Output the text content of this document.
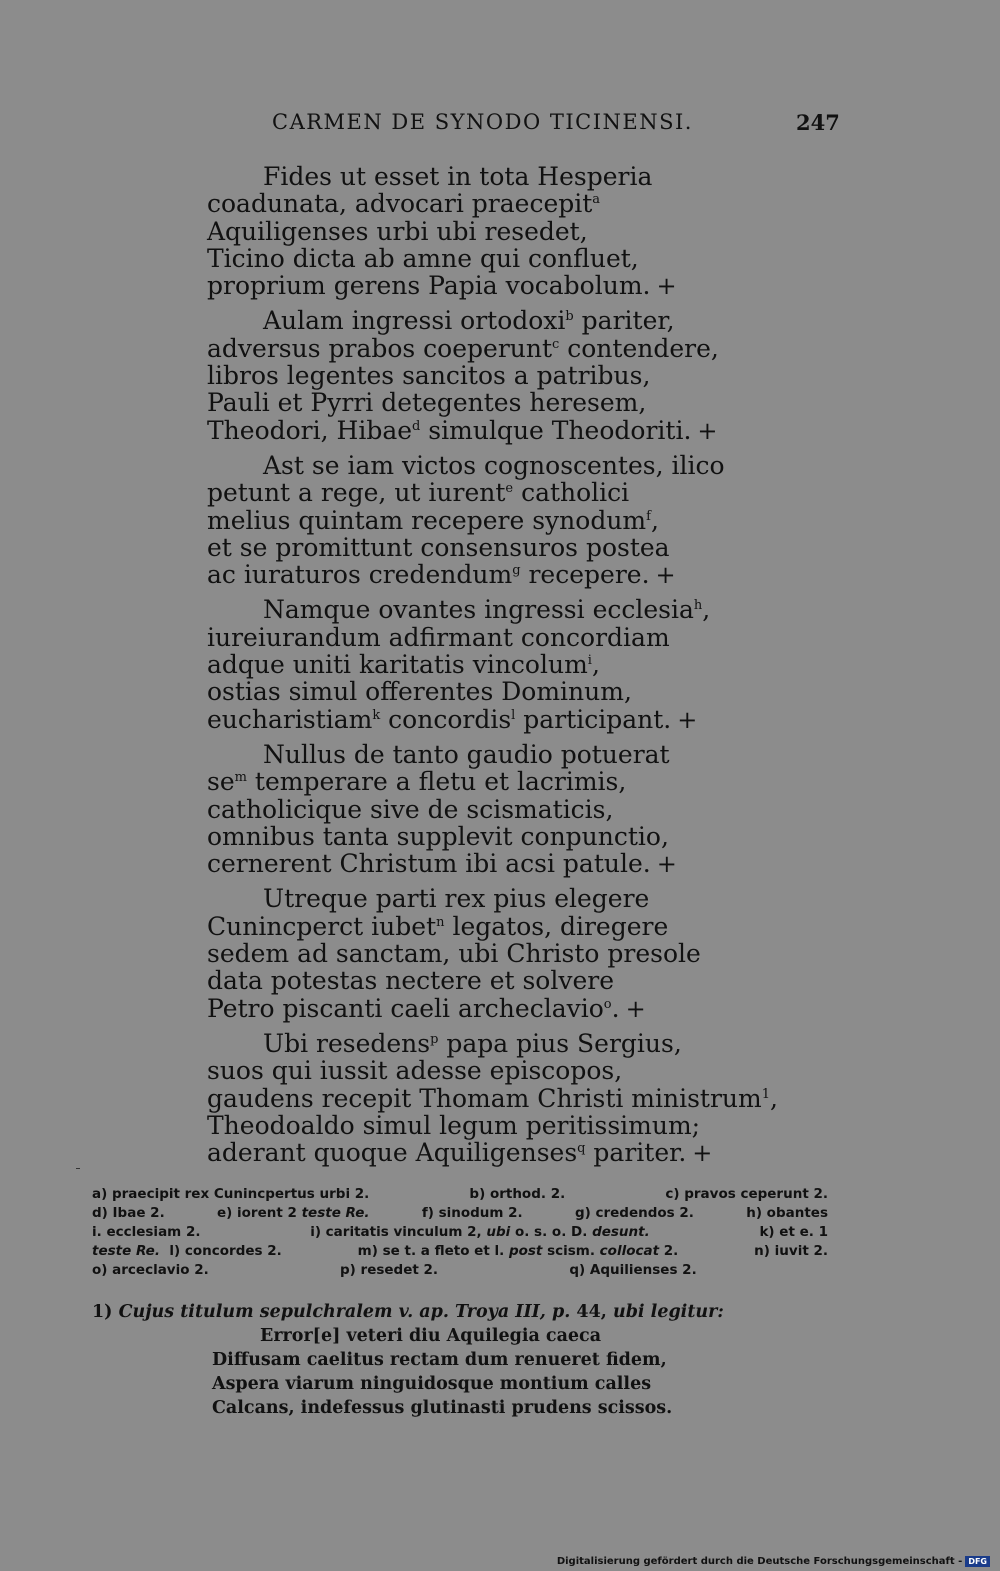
CARMEN DE SYNODO TICINENSI.	247
Fides ut esset in tota Hesperia
coadunata, advocari praecepit$^a$
Aquiligenses urbi ubi resedet,
Ticino dicta ab amne qui confluet,
proprium gerens Papia vocabolum. +
Aulam ingressi ortodoxi$^b$ pariter,
adversus prabos coeperunt$^c$ contendere,
libros legentes sancitos a patribus,
Pauli et Pyrri detegentes heresem,
Theodori, Hibae$^d$ simulque Theodoriti. +
Ast se iam victos cognoscentes, ilico
petunt a rege, ut iurent$^e$ catholici
melius quintam recepere synodum$^f$,
et se promittunt consensuros postea
ac iuraturos credendum$^g$ recepere. +
Namque ovantes ingressi ecclesia$^h$,
iureiurandum adfirmant concordiam
adque uniti karitatis vincolum$^i$,
ostias simul offerentes Dominum,
eucharistiam$^k$ concordis$^l$ participant. +
Nullus de tanto gaudio potuerat
$se^m$ temperare a fletu et lacrimis,
catholicique sive de scismaticis,
omnibus tanta supplevit conpunctio,
cernerent Christum ibi acsi patule. +
Utreque parti rex pius elegere
Cunincperct iubet$^n$ legatos, diregere
sedem ad sanctam, ubi Christo presole
data potestas nectere et solvere
Petro piscanti caeli archeclavio$^o$. +
Ubi resedens$^p$ papa pius Sergius,
suos qui iussit adesse episcopos,
gaudens recepit Thomam Christi ministrum$^1$,
Theodoaldo simul legum peritissimum;
aderant quoque Aquiligenses$^q$ pariter. +
a) praecipit rex Cunincpertus urbi 2.	b) orthod. 2.	c) pravos ceperunt 2.
d) Ibae 2.	e) iorent 2 teste Re.	f) sinodum 2.	g) credendos 2.	h) obantes
i. ecclesiam 2.	i) caritatis vinculum 2, ubi o. s. o. D. desunt.	k) et e. 1
teste Re.  l) concordes 2.	m) se t. a fleto et l. post scism. collocat 2.	n) iuvit 2.
o) arceclavio 2.	p) resedet 2.	q) Aquilienses 2.
1) Cujus titulum sepulchralem v. ap. Troya III, p. 44, ubi legitur:
Error[e] veteri diu Aquilegia caeca
Diffusam caelitus rectam dum renueret fidem,
Aspera viarum ninguidosque montium calles
Calcans, indefessus glutinasti prudens scissos.
Digitalisierung gefördert durch die Deutsche Forschungsgemeinschaft - DFG
